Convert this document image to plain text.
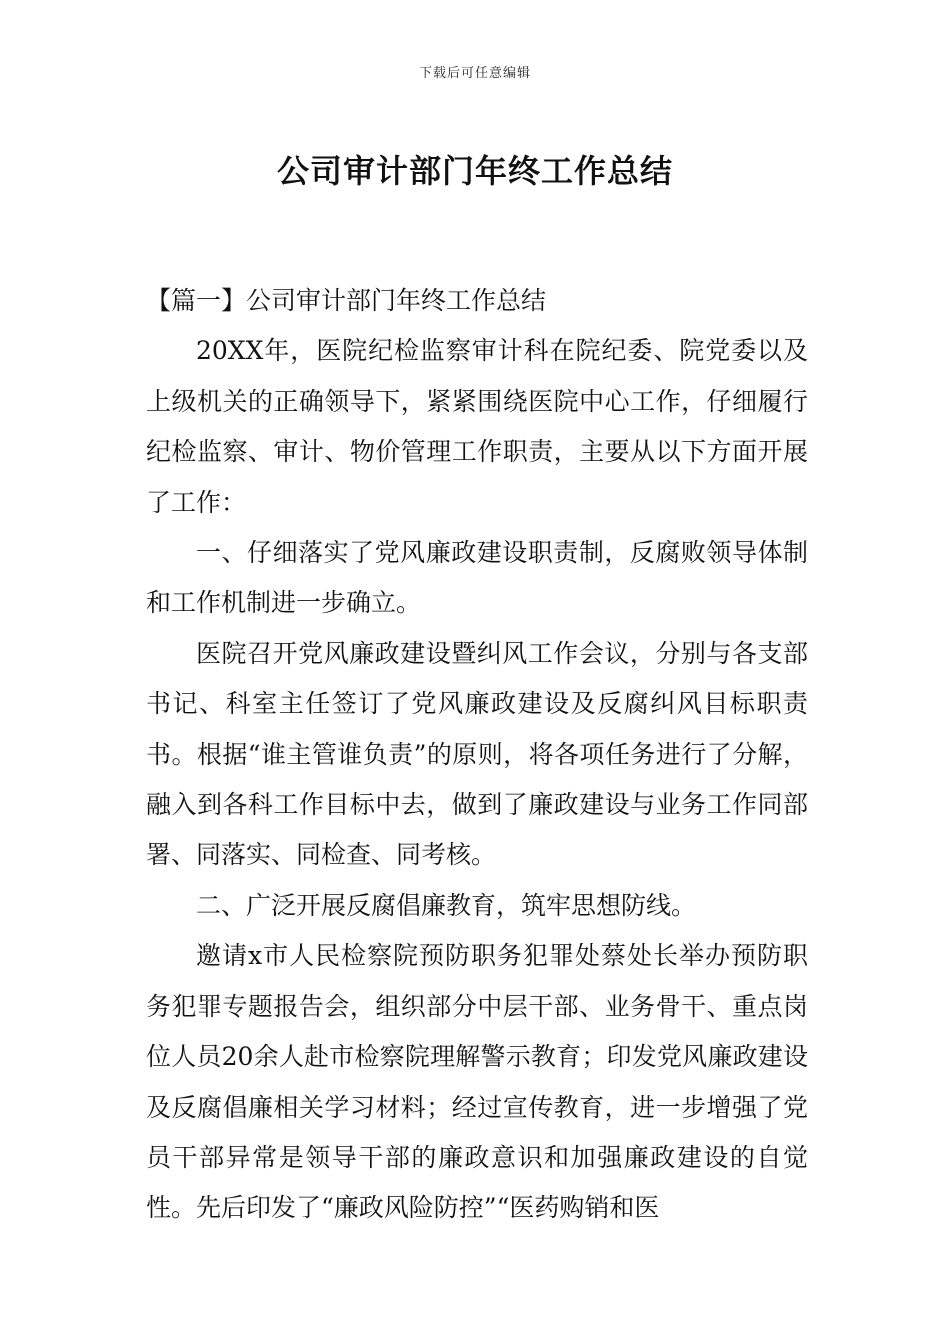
下载后可任意编辑
公司审计部门年终工作总结

【篇一】公司审计部门年终工作总结

20XX年，医院纪检监察审计科在院纪委、院党委以及上级机关的正确领导下，紧紧围绕医院中心工作，仔细履行纪检监察、审计、物价管理工作职责，主要从以下方面开展了工作：

一、仔细落实了党风廉政建设职责制，反腐败领导体制和工作机制进一步确立。

医院召开党风廉政建设暨纠风工作会议，分别与各支部书记、科室主任签订了党风廉政建设及反腐纠风目标职责书。根据“谁主管谁负责”的原则，将各项任务进行了分解，融入到各科工作目标中去，做到了廉政建设与业务工作同部署、同落实、同检查、同考核。

二、广泛开展反腐倡廉教育，筑牢思想防线。

邀请x市人民检察院预防职务犯罪处蔡处长举办预防职务犯罪专题报告会，组织部分中层干部、业务骨干、重点岗位人员20余人赴市检察院理解警示教育；印发党风廉政建设及反腐倡廉相关学习材料；经过宣传教育，进一步增强了党员干部异常是领导干部的廉政意识和加强廉政建设的自觉性。先后印发了“廉政风险防控”“医药购销和医
